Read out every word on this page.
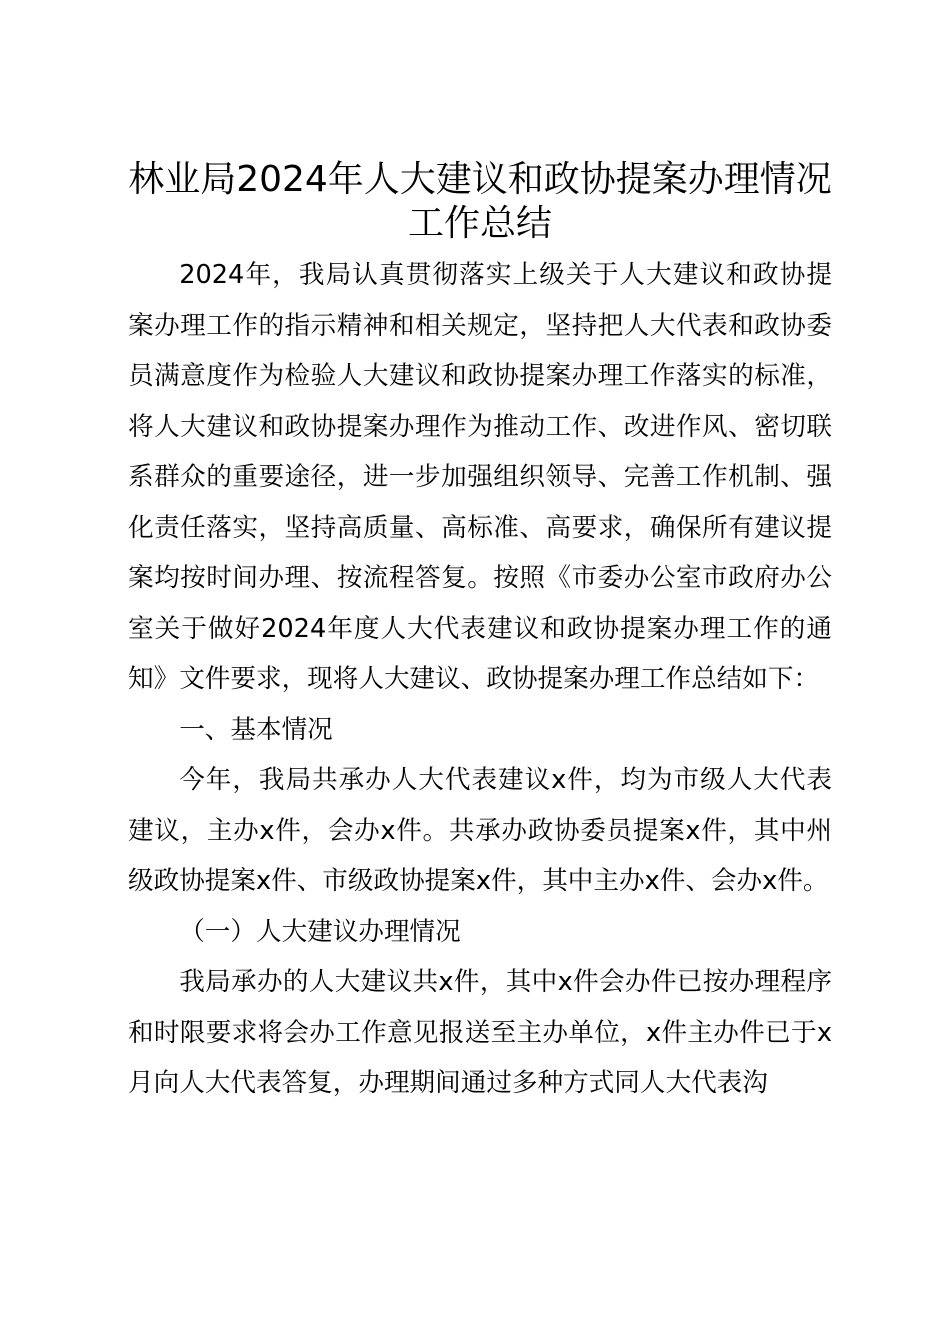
林业局2024年人大建议和政协提案办理情况
工作总结

2024年，我局认真贯彻落实上级关于人大建议和政协提案办理工作的指示精神和相关规定，坚持把人大代表和政协委员满意度作为检验人大建议和政协提案办理工作落实的标准，将人大建议和政协提案办理作为推动工作、改进作风、密切联系群众的重要途径，进一步加强组织领导、完善工作机制、强化责任落实，坚持高质量、高标准、高要求，确保所有建议提案均按时间办理、按流程答复。按照《市委办公室市政府办公室关于做好2024年度人大代表建议和政协提案办理工作的通知》文件要求，现将人大建议、政协提案办理工作总结如下：

一、基本情况

今年，我局共承办人大代表建议x件，均为市级人大代表建议，主办x件，会办x件。共承办政协委员提案x件，其中州级政协提案x件、市级政协提案x件，其中主办x件、会办x件。

（一）人大建议办理情况

我局承办的人大建议共x件，其中x件会办件已按办理程序和时限要求将会办工作意见报送至主办单位，x件主办件已于x月向人大代表答复，办理期间通过多种方式同人大代表沟
